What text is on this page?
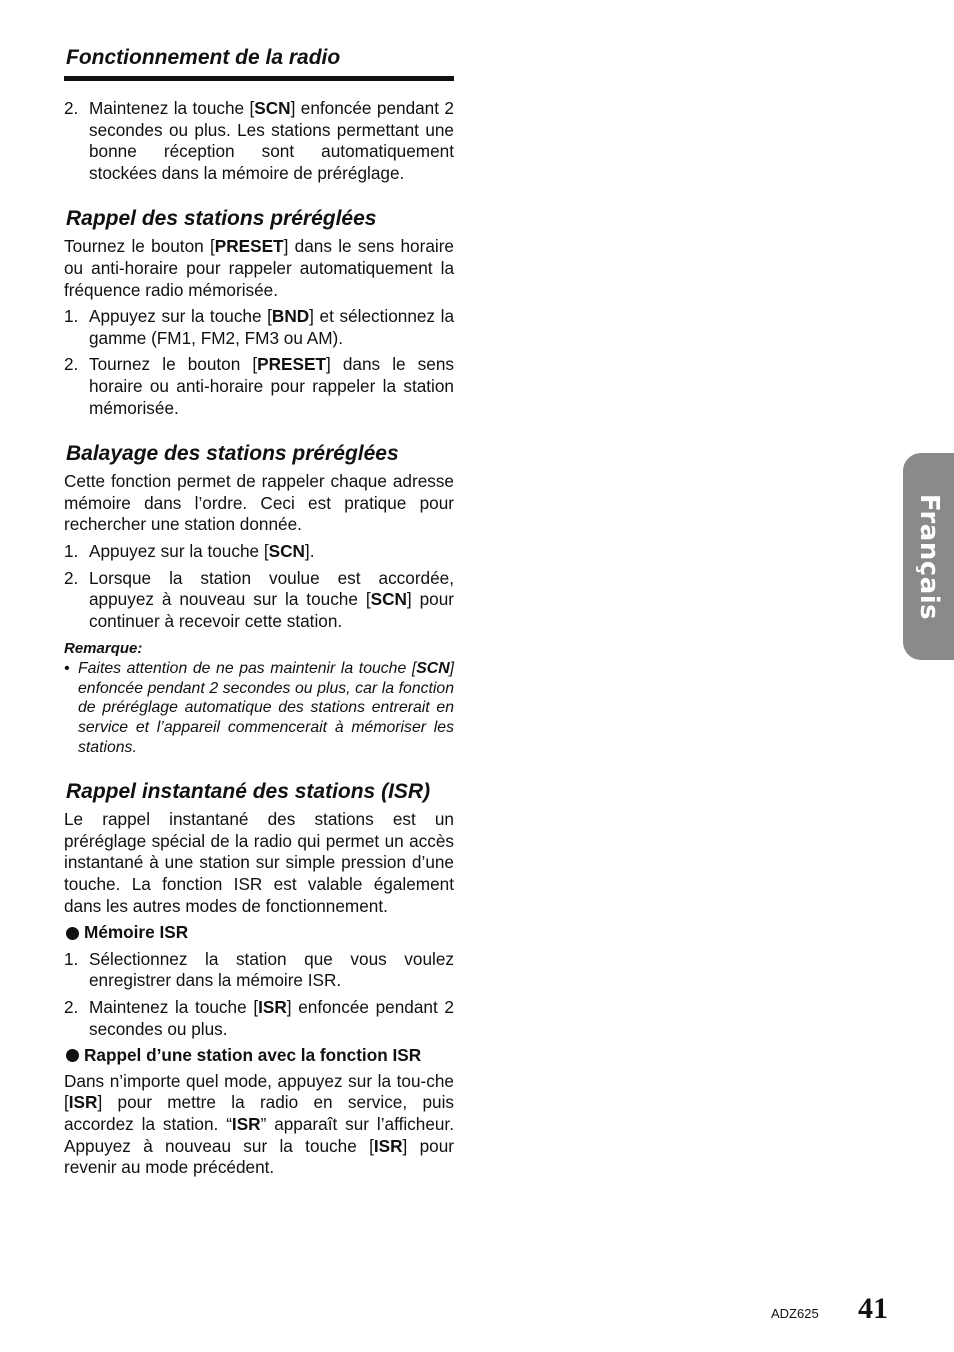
Fonctionnement de la radio
2. Maintenez la touche [SCN] enfoncée pendant 2 secondes ou plus. Les stations permettant une bonne réception sont automatiquement stockées dans la mémoire de préréglage.
Rappel des stations préréglées
Tournez le bouton [PRESET] dans le sens horaire ou anti-horaire pour rappeler automatiquement la fréquence radio mémorisée.
1. Appuyez sur la touche [BND] et sélectionnez la gamme (FM1, FM2, FM3 ou AM).
2. Tournez le bouton [PRESET] dans le sens horaire ou anti-horaire pour rappeler la station mémorisée.
Balayage des stations préréglées
Cette fonction permet de rappeler chaque adresse mémoire dans l’ordre. Ceci est pratique pour rechercher une station donnée.
1. Appuyez sur la touche [SCN].
2. Lorsque la station voulue est accordée, appuyez à nouveau sur la touche [SCN] pour continuer à recevoir cette station.
Remarque:
• Faites attention de ne pas maintenir la touche [SCN] enfoncée pendant 2 secondes ou plus, car la fonction de préréglage automatique des stations entrerait en service et l’appareil commencerait à mémoriser les stations.
Rappel instantané des stations (ISR)
Le rappel instantané des stations est un préréglage spécial de la radio qui permet un accès instantané à une station sur simple pression d’une touche. La fonction ISR est valable également dans les autres modes de fonctionnement.
Mémoire ISR
1. Sélectionnez la station que vous voulez enregistrer dans la mémoire ISR.
2. Maintenez la touche [ISR] enfoncée pendant 2 secondes ou plus.
Rappel d’une station avec la fonction ISR
Dans n’importe quel mode, appuyez sur la tou-che [ISR] pour mettre la radio en service, puis accordez la station. “ISR” apparaît sur l’afficheur. Appuyez à nouveau sur la touche [ISR] pour revenir au mode précédent.
Français
ADZ625 41
